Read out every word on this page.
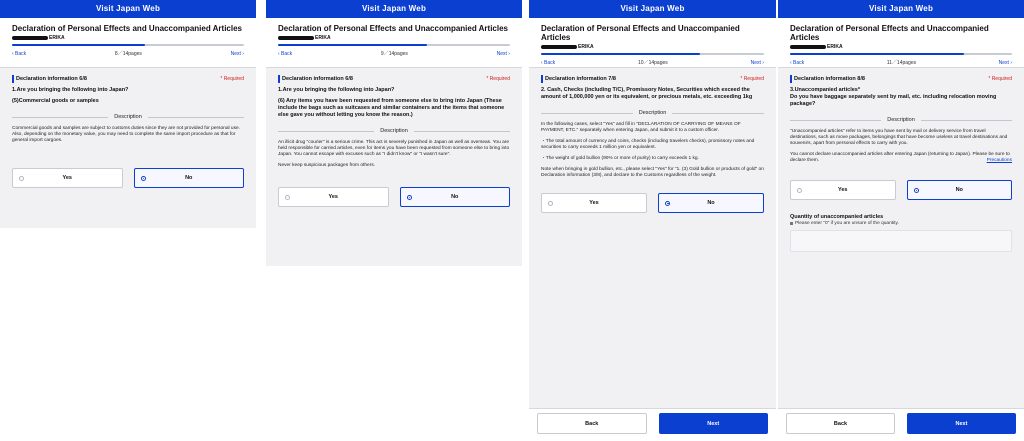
Visit Japan Web
Declaration of Personal Effects and Unaccompanied Articles
ERIKA
‹ Back	8／14pages	Next ›
Declaration information 6/8	* Required
1.Are you bringing the following into Japan?
(5)Commercial goods or samples
Description

Commercial goods and samples are subject to customs duties since they are not provided for personal use. Also, depending on the monetary value, you may need to complete the same import procedure as that for general import cargoes.

Yes	No
Visit Japan Web
Declaration of Personal Effects and Unaccompanied Articles
ERIKA
‹ Back	9／14pages	Next ›
Declaration information 6/8	* Required
1.Are you bringing the following into Japan?
(6) Any items you have been requested from someone else to bring into Japan (These include the bags such as suitcases and similar containers and the items that someone else gave you without letting you know the reason.)
Description

An illicit drug "courier" is a serious crime. This act is severely punished in Japan as well as overseas. You are held responsible for carried articles, even for items you have been requested from someone else to bring into Japan. You cannot escape with excuses such as "I didn't know" or "I wasn't sure".

Never keep suspicious packages from others.

Yes	No
Visit Japan Web
Declaration of Personal Effects and Unaccompanied Articles
ERIKA
‹ Back	10／14pages	Next ›
Declaration information 7/8	* Required
2. Cash, Checks (including T/C), Promissory Notes, Securities which exceed the amount of 1,000,000 yen or its equivalent, or precious metals, etc. exceeding 1kg
Description

In the following cases, select "Yes" and fill in "DECLARATION OF CARRYING OF MEANS OF PAYMENT, ETC." separately when entering Japan, and submit it to a custom officer.

・The total amount of currency and coins, checks (including travelers checks), promissory notes and securities to carry exceeds 1 million yen or equivalent.

・The weight of gold bullion (90% or more of purity) to carry exceeds 1 kg.

Note when bringing in gold bullion, etc., please select "Yes" for "1. (3) Gold bullion or products of gold" on Declaration information (3/8), and declare to the Customs regardless of the weight.

Yes	No
Back	Next
Visit Japan Web
Declaration of Personal Effects and Unaccompanied Articles
ERIKA
‹ Back	11／14pages	Next ›
Declaration information 8/8	* Required
3.Unaccompanied articles*
Do you have baggage separately sent by mail, etc. including relocation moving package?
Description

"Unaccompanied articles" refer to items you have sent by mail or delivery service from travel destinations, such as move packages, belongings that have become useless at travel destinations and souvenirs, apart from personal effects to carry with you.

You cannot declare unaccompanied articles after entering Japan (returning to Japan). Please be sure to declare them.	Precautions

Yes	No
Quantity of unaccompanied articles
Please enter "0" if you are unsure of the quantity.
Back	Next
